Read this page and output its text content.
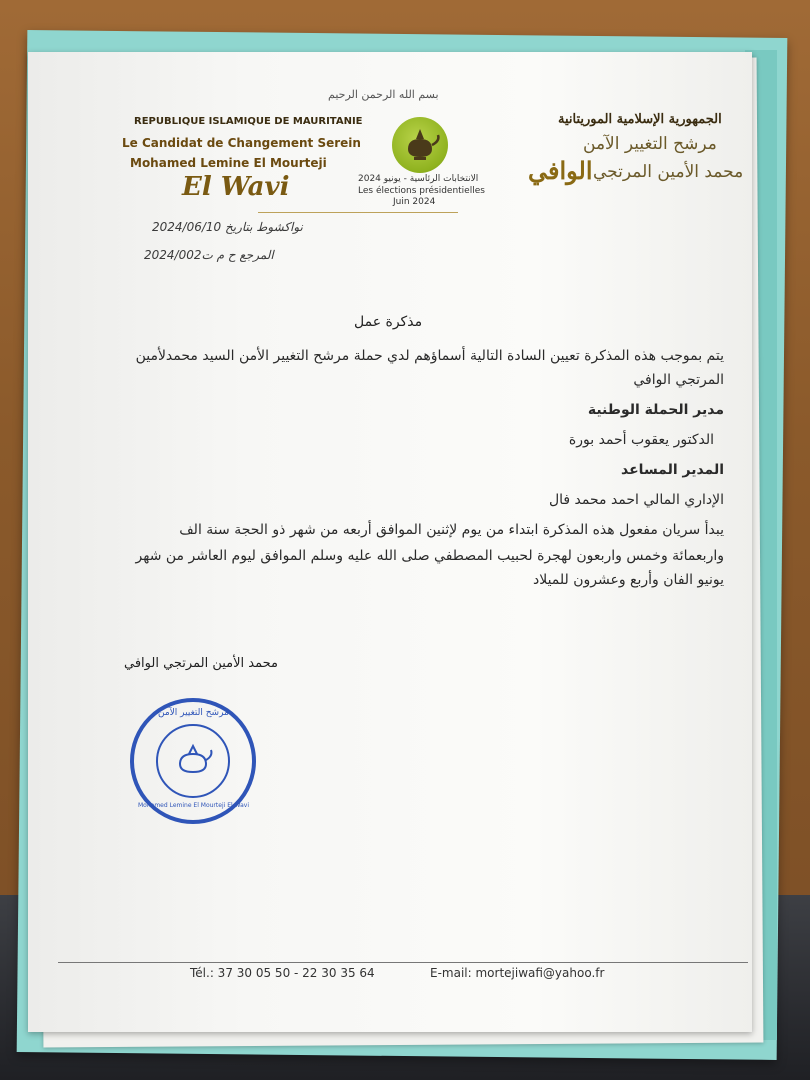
بسم الله الرحمن الرحيم
REPUBLIQUE ISLAMIQUE DE MAURITANIE
Le Candidat de Changement Serein
Mohamed Lemine El Mourteji
El Wavi	الانتخابات الرئاسية - يونيو 2024
Les élections présidentielles
Juin 2024
الجمهورية الإسلامية الموريتانية
مرشح التغيير الآمن
محمد الأمين المرتجي
الوافي
نواكشوط بتاريخ 2024/06/10
المرجع ح م ت2024/002
مذكرة عمل
يتم بموجب هذه المذكرة تعيين السادة التالية أسماؤهم لدي حملة مرشح التغيير الأمن السيد محمدلأمين
المرتجي الوافي
مدير الحملة الوطنية
الدكتور يعقوب أحمد بورة
المدير المساعد
الإداري المالي احمد محمد فال
يبدأ سريان مفعول هذه المذكرة ابتداء من يوم لإثنين الموافق أربعه من شهر ذو الحجة سنة الف
واربعمائة وخمس واربعون لهجرة لحبيب المصطفي صلى الله عليه وسلم الموافق ليوم العاشر من شهر
يونيو الفان وأربع وعشرون للميلاد
محمد الأمين المرتجي الوافي
مرشح التغيير الآمن
Mohamed Lemine El Mourteji El Wavi
Tél.: 37 30 05 50 - 22 30 35 64	E-mail: mortejiwafi@yahoo.fr
